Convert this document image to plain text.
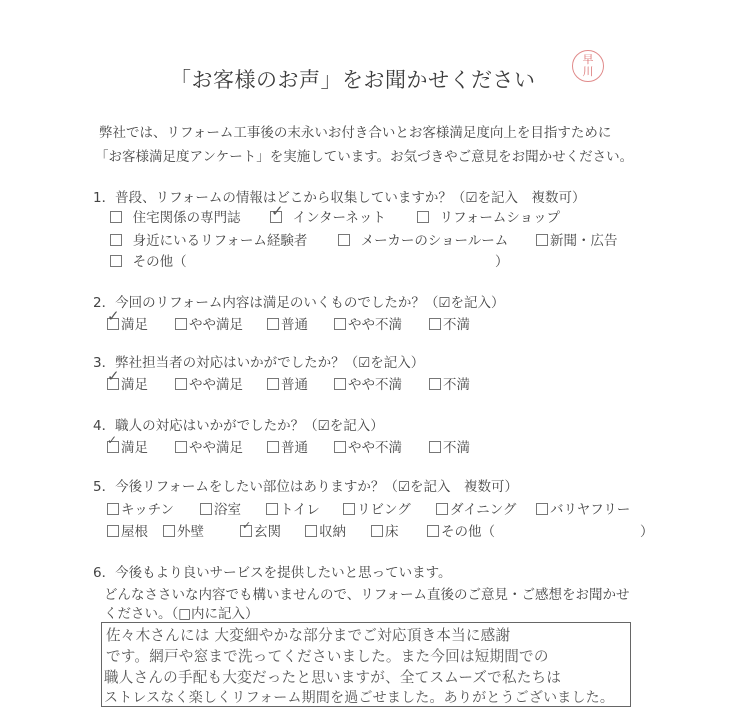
「お客様のお声」をお聞かせください
早
川
弊社では、リフォーム工事後の末永いお付き合いとお客様満足度向上を目指すために
「お客様満足度アンケート」を実施しています。お気づきやご意見をお聞かせください。
1．普段、リフォームの情報はどこから収集していますか？（☑を記入　複数可）
住宅関係の専門誌 ✓ インターネット	リフォームショップ
身近にいるリフォーム経験者	メーカーのショールーム	新聞・広告
その他（	）
2．今回のリフォーム内容は満足のいくものでしたか？（☑を記入）
✓ 満足	やや満足	普通	やや不満	不満
3．弊社担当者の対応はいかがでしたか？（☑を記入）
✓ 満足	やや満足	普通	やや不満	不満
4．職人の対応はいかがでしたか？（☑を記入）
✓ 満足	やや満足	普通	やや不満	不満
5．今後リフォームをしたい部位はありますか？（☑を記入　複数可）
キッチン	浴室	トイレ	リビング	ダイニング	バリヤフリー
屋根	外壁	✓ 玄関	収納	床	その他（	）
6．今後もより良いサービスを提供したいと思っています。
どんなささいな内容でも構いませんので、リフォーム直後のご意見・ご感想をお聞かせ
ください。（□内に記入）
佐々木さんには 大変細やかな部分までご対応頂き本当に感謝
です。網戸や窓まで洗ってくださいました。また今回は短期間での
職人さんの手配も大変だったと思いますが、全てスムーズで私たちは
ストレスなく楽しくリフォーム期間を過ごせました。ありがとうございました。
